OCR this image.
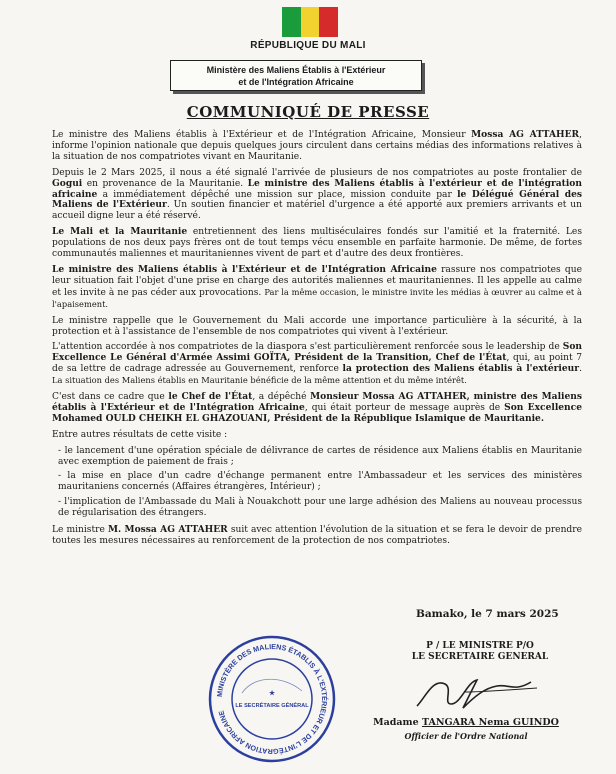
RÉPUBLIQUE DU MALI
Ministère des Maliens Établis à l'Extérieur
et de l'Intégration Africaine
COMMUNIQUÉ DE PRESSE

Le ministre des Maliens établis à l'Extérieur et de l'Intégration Africaine, Monsieur Mossa AG ATTAHER, informe l'opinion nationale que depuis quelques jours circulent dans certains médias des informations relatives à la situation de nos compatriotes vivant en Mauritanie.

Depuis le 2 Mars 2025, il nous a été signalé l'arrivée de plusieurs de nos compatriotes au poste frontalier de Gogui en provenance de la Mauritanie. Le ministre des Maliens établis à l'extérieur et de l'intégration africaine a immédiatement dépêché une mission sur place, mission conduite par le Délégué Général des Maliens de l'Extérieur. Un soutien financier et matériel d'urgence a été apporté aux premiers arrivants et un accueil digne leur a été réservé.

Le Mali et la Mauritanie entretiennent des liens multiséculaires fondés sur l'amitié et la fraternité. Les populations de nos deux pays frères ont de tout temps vécu ensemble en parfaite harmonie. De même, de fortes communautés maliennes et mauritaniennes vivent de part et d'autre des deux frontières.

Le ministre des Maliens établis à l'Extérieur et de l'Intégration Africaine rassure nos compatriotes que leur situation fait l'objet d'une prise en charge des autorités maliennes et mauritaniennes. Il les appelle au calme et les invite à ne pas céder aux provocations. Par la même occasion, le ministre invite les médias à œuvrer au calme et à l'apaisement.

Le ministre rappelle que le Gouvernement du Mali accorde une importance particulière à la sécurité, à la protection et à l'assistance de l'ensemble de nos compatriotes qui vivent à l'extérieur.

L'attention accordée à nos compatriotes de la diaspora s'est particulièrement renforcée sous le leadership de Son Excellence Le Général d'Armée Assimi GOÏTA, Président de la Transition, Chef de l'État, qui, au point 7 de sa lettre de cadrage adressée au Gouvernement, renforce la protection des Maliens établis à l'extérieur. La situation des Maliens établis en Mauritanie bénéficie de la même attention et du même intérêt.

C'est dans ce cadre que le Chef de l'État, a dépêché Monsieur Mossa AG ATTAHER, ministre des Maliens établis à l'Extérieur et de l'Intégration Africaine, qui était porteur de message auprès de Son Excellence Mohamed OULD CHEIKH EL GHAZOUANI, Président de la République Islamique de Mauritanie.

Entre autres résultats de cette visite :

- le lancement d'une opération spéciale de délivrance de cartes de résidence aux Maliens établis en Mauritanie avec exemption de paiement de frais ;
- la mise en place d'un cadre d'échange permanent entre l'Ambassadeur et les services des ministères mauritaniens concernés (Affaires étrangères, Intérieur) ;
- l'implication de l'Ambassade du Mali à Nouakchott pour une large adhésion des Maliens au nouveau processus de régularisation des étrangers.

Le ministre M. Mossa AG ATTAHER suit avec attention l'évolution de la situation et se fera le devoir de prendre toutes les mesures nécessaires au renforcement de la protection de nos compatriotes.

Bamako, le 7 mars 2025
P / LE MINISTRE P/O
LE SECRETAIRE GENERAL
MINISTÈRE DES MALIENS ÉTABLIS À L'EXTÉRIEUR ET DE L'INTÉGRATION AFRICAINE
★
LE SECRÉTAIRE GÉNÉRAL
Madame TANGARA Nema GUINDO
Officier de l'Ordre National
